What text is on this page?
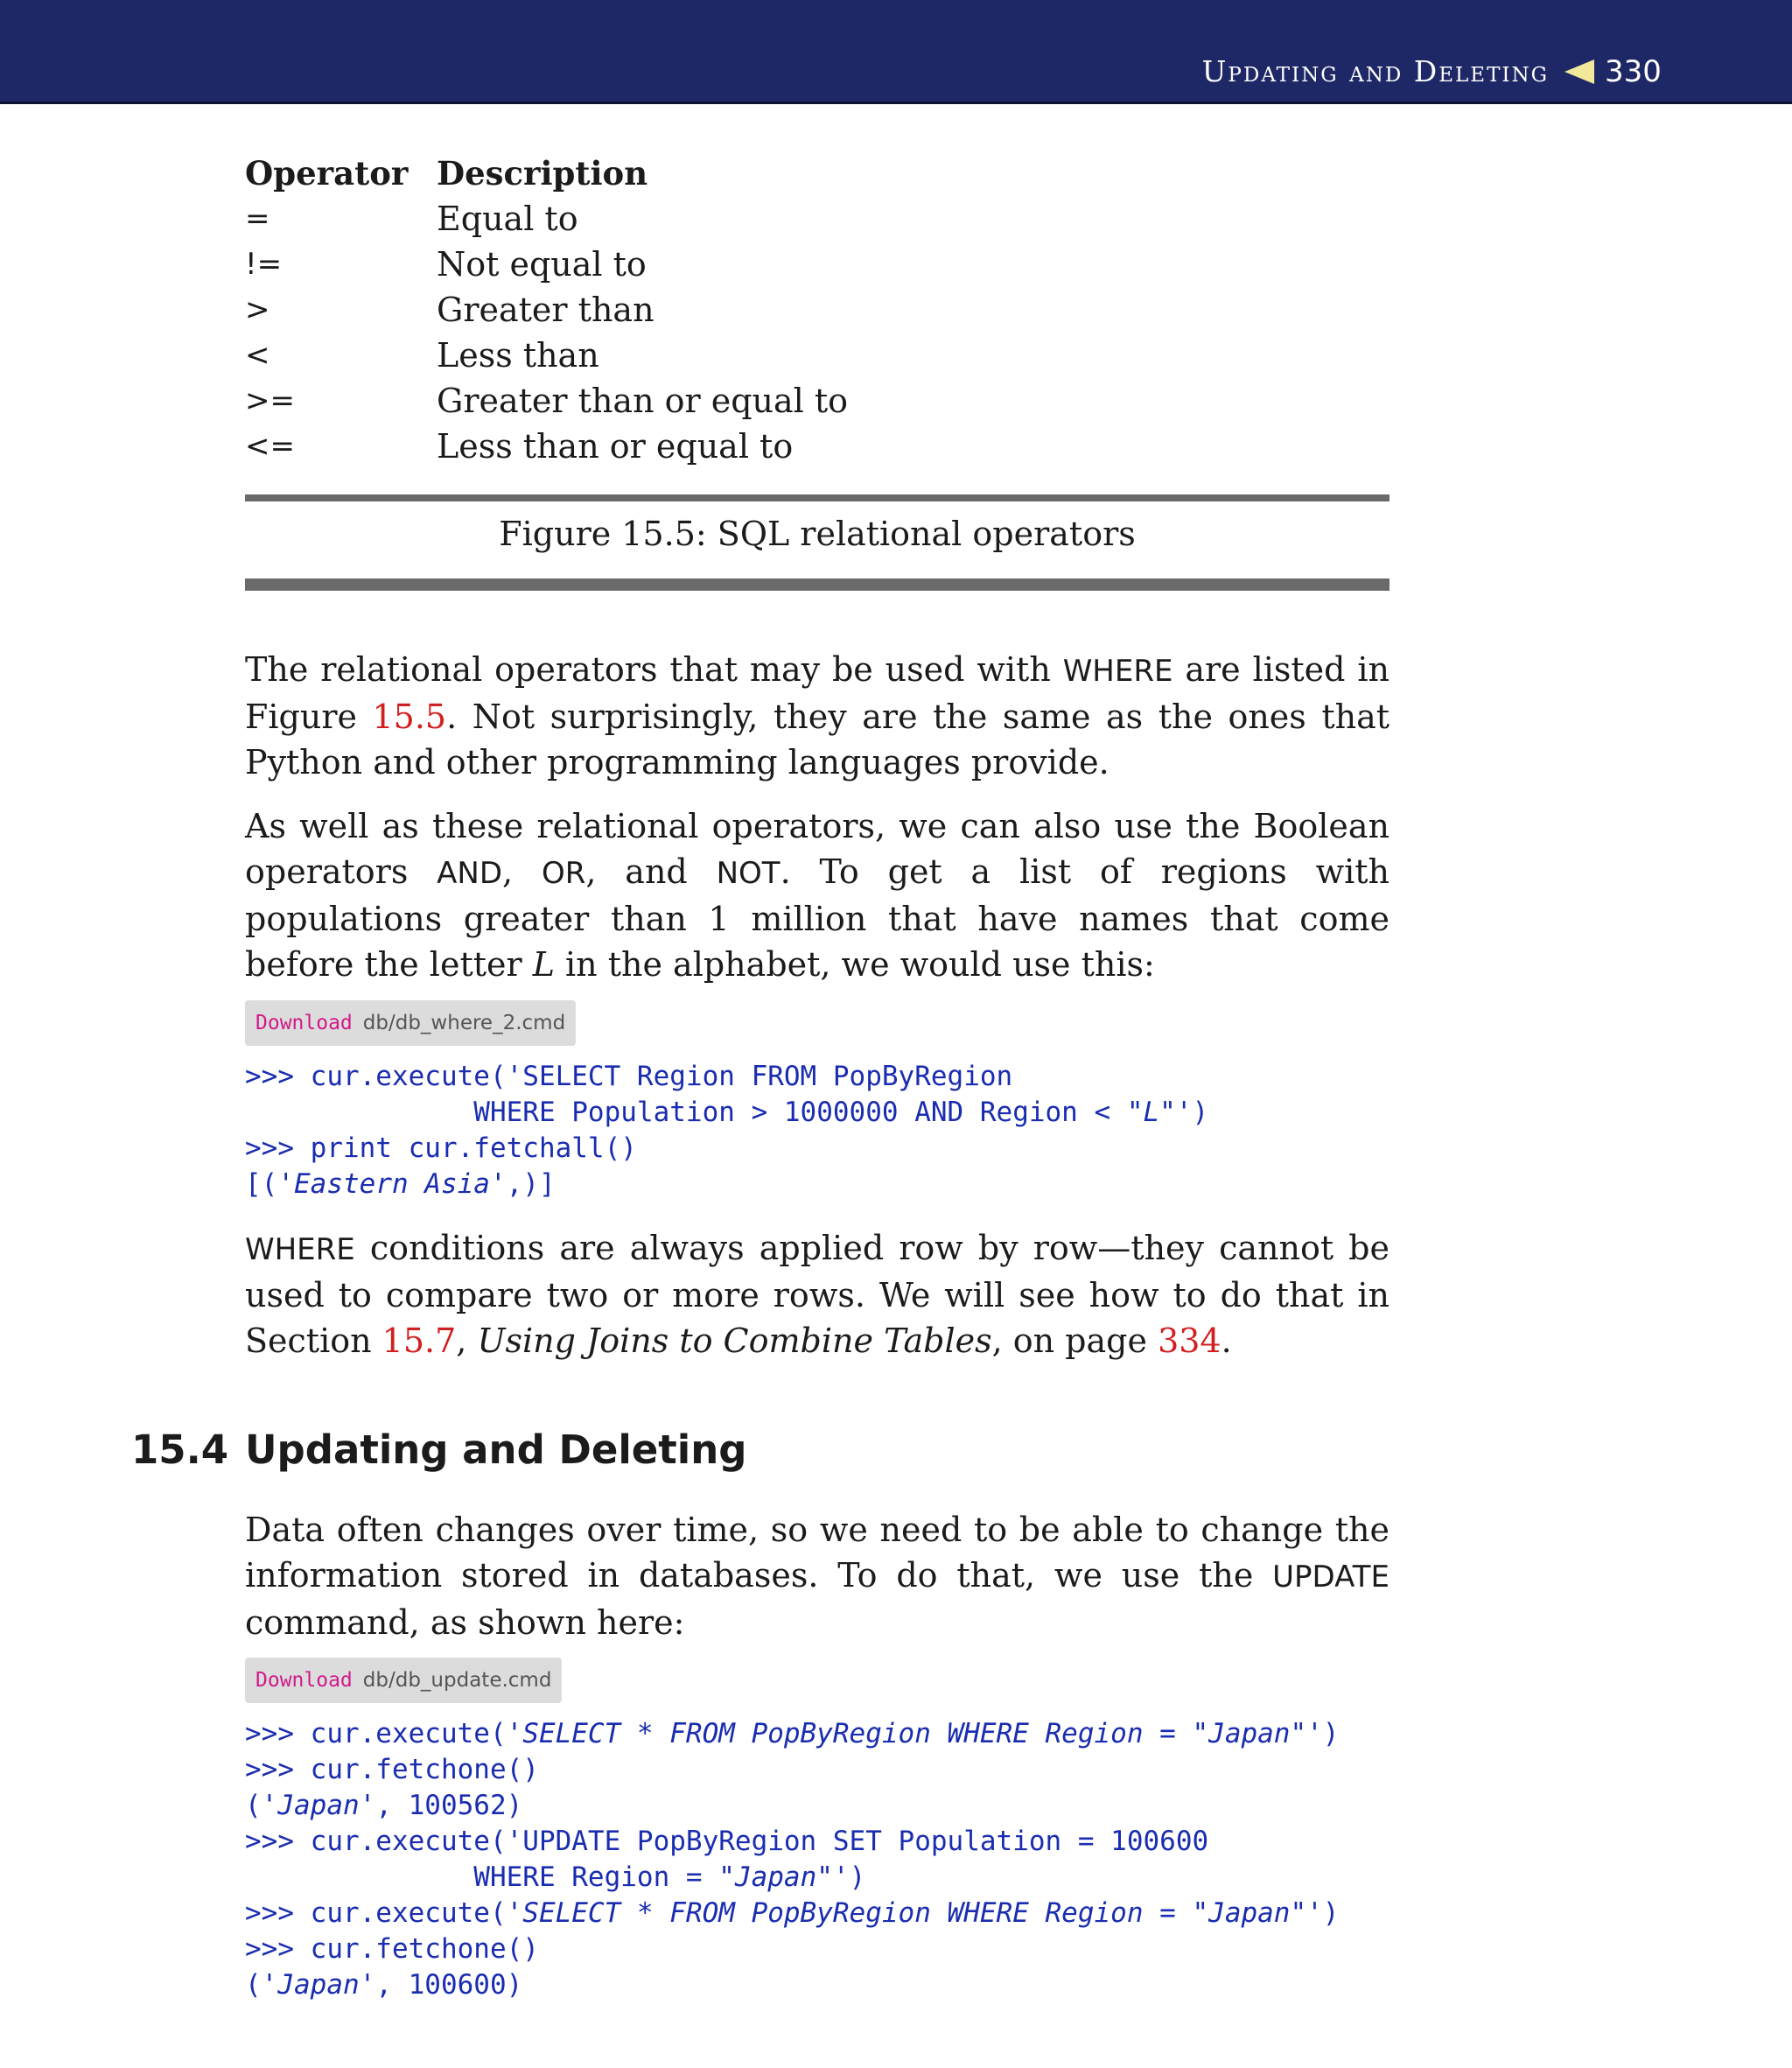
Updating and Deleting 330
Operator Description
=	Equal to
!=	Not equal to
>	Greater than
<	Less than
>=	Greater than or equal to
<=	Less than or equal to
Figure 15.5: SQL relational operators

The relational operators that may be used with WHERE are listed in Figure 15.5. Not surprisingly, they are the same as the ones that Python and other programming languages provide.

As well as these relational operators, we can also use the Boolean operators AND, OR, and NOT. To get a list of regions with populations greater than 1 million that have names that come before the letter L in the alphabet, we would use this:

Download db/db_where_2.cmd
>>> cur.execute('SELECT Region FROM PopByRegion
WHERE Population > 1000000 AND Region < "L"')
>>> print cur.fetchall()
[('Eastern Asia',)]

WHERE conditions are always applied row by row—they cannot be used to compare two or more rows. We will see how to do that in Section 15.7, Using Joins to Combine Tables, on page 334.

15.4 Updating and Deleting

Data often changes over time, so we need to be able to change the information stored in databases. To do that, we use the UPDATE command, as shown here:

Download db/db_update.cmd
>>> cur.execute('SELECT * FROM PopByRegion WHERE Region = "Japan"')
>>> cur.fetchone()
('Japan', 100562)
>>> cur.execute('UPDATE PopByRegion SET Population = 100600
WHERE Region = "Japan"')
>>> cur.execute('SELECT * FROM PopByRegion WHERE Region = "Japan"')
>>> cur.fetchone()
('Japan', 100600)
